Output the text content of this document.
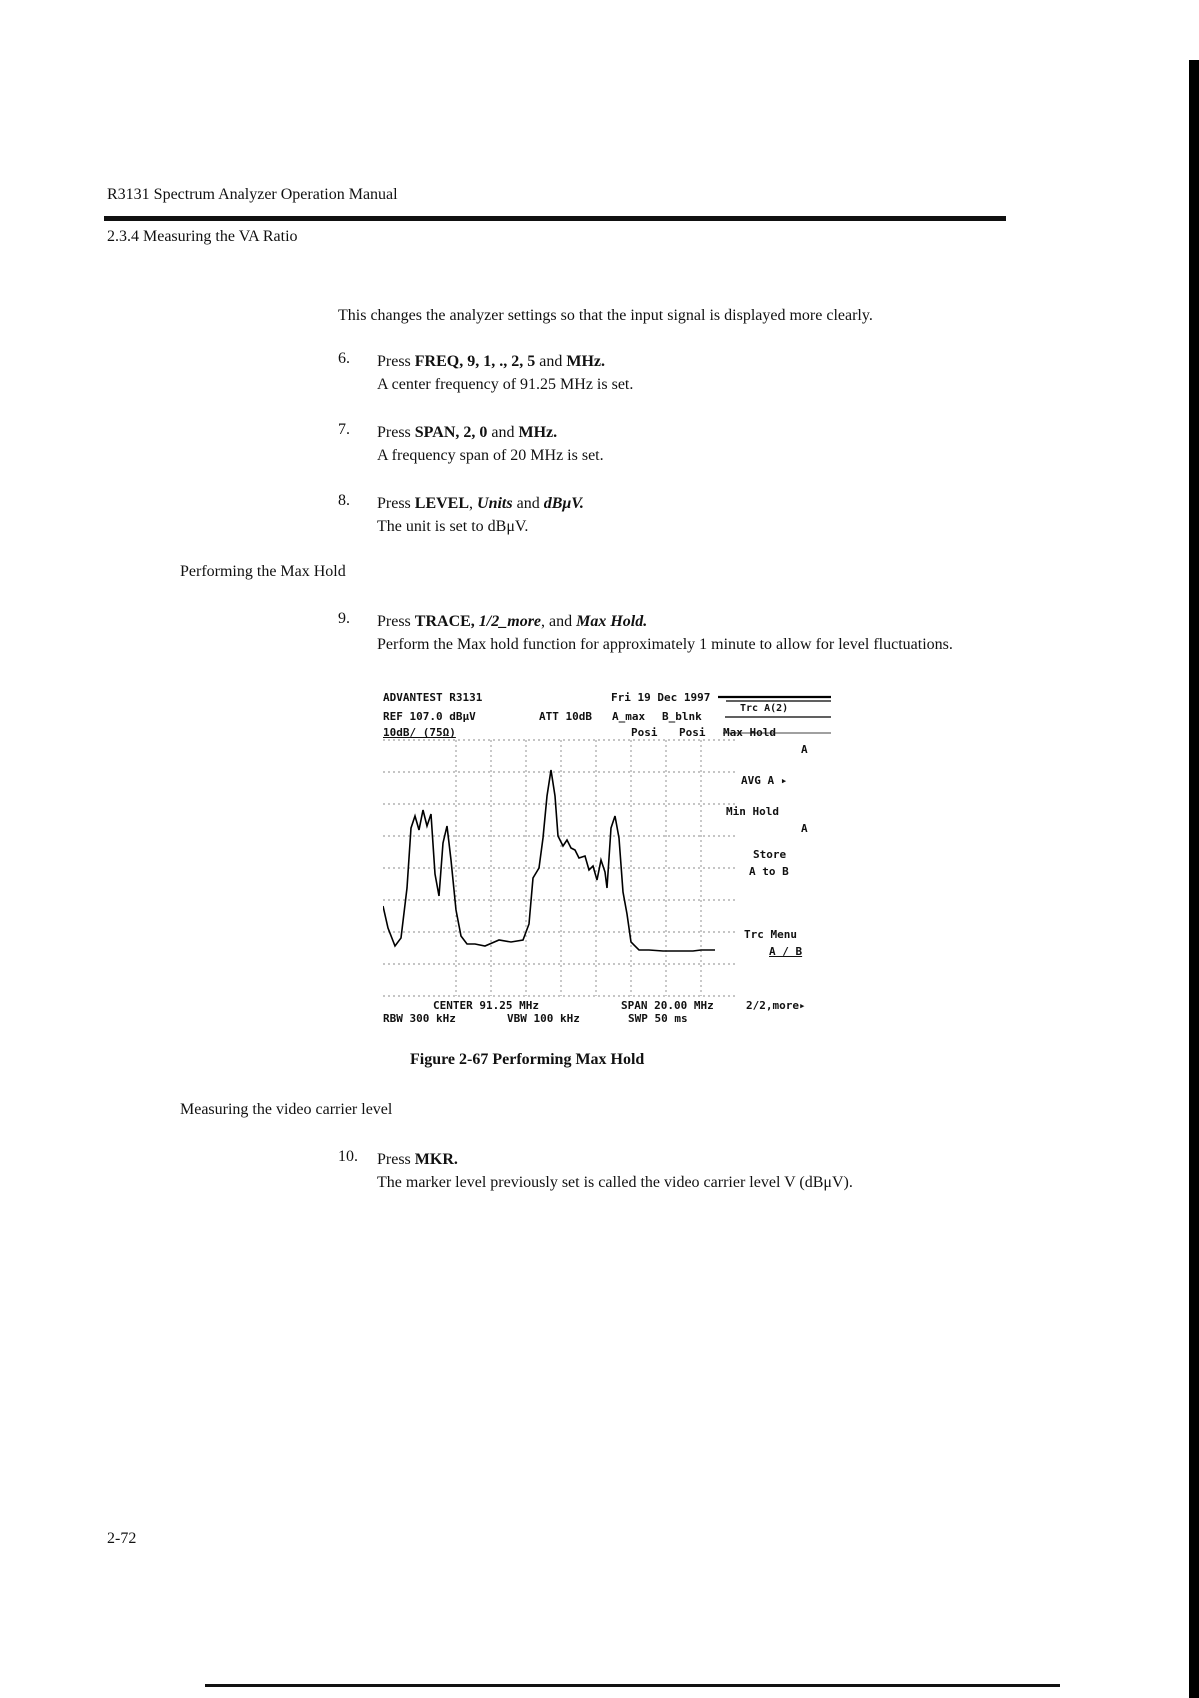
R3131 Spectrum Analyzer Operation Manual
2.3.4 Measuring the VA Ratio
This changes the analyzer settings so that the input signal is displayed more clearly.
6.	Press FREQ, 9, 1, ., 2, 5 and MHz.
A center frequency of 91.25 MHz is set.
7.	Press SPAN, 2, 0 and MHz.
A frequency span of 20 MHz is set.
8.	Press LEVEL, Units and dBμV.
The unit is set to dBμV.
Performing the Max Hold
9.	Press TRACE, 1/2_more, and Max Hold.
Perform the Max hold function for approximately 1 minute to allow for level fluctuations.
ADVANTEST R3131	Fri 19 Dec 1997
Trc A(2)
REF 107.0 dBμV	ATT 10dB A_max B_blnk
10dB/ (75Ω)	Posi Posi Max Hold
A
AVG A ▸
Min Hold
A
Store
A to B
Trc Menu
A / B
CENTER 91.25 MHz	SPAN 20.00 MHz	2/2,more▸
RBW 300 kHz	VBW 100 kHz	SWP 50 ms
Figure 2-67 Performing Max Hold
Measuring the video carrier level
10.	Press MKR.
The marker level previously set is called the video carrier level V (dBμV).
2-72
